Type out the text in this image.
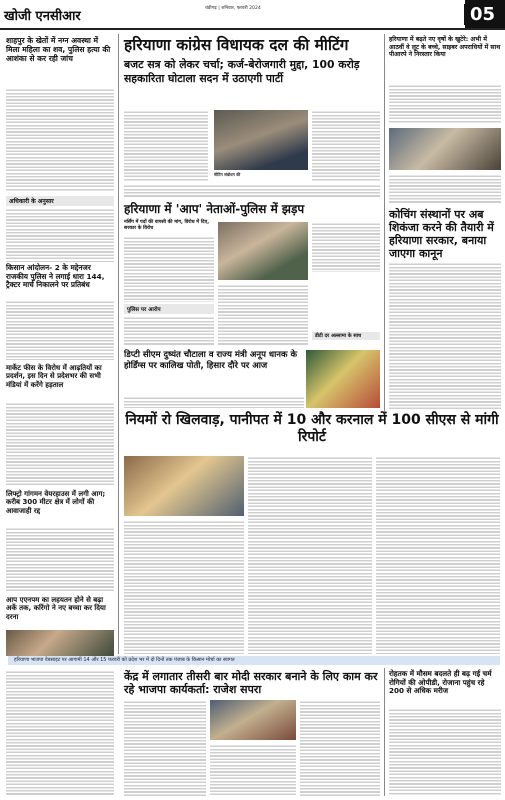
खोजी एनसीआर
चंडीगढ़ | शनिवार, फरवरी 2024	05
शाहपुर के खेतों में नग्न अवस्था में मिला महिला का शव, पुलिस हत्या की आशंका से कर रही जांच
अधिकारी के अनुसार
किसान आंदोलन- 2 के मद्देनजर राजकीय पुलिस ने लगाई धारा 144, ट्रैक्टर मार्च निकालने पर प्रतिबंध
मार्केट फीस के विरोध में आढ़तियों का प्रदर्शन, इस दिन से प्रदेशभर की सभी मंडियां में करेंगे हड़ताल
लिफ्ट्रो गांगमन वेयरहाउस में लगी आग; करीब 300 मीटर क्षेत्र में लोगों की आवाजाही रद्द
आप एएनपम का लहयतन होने से बढ़ा अर्के तक, करिंगो ने नए बच्चा कर दिया दरना
हरियाणा कांग्रेस विधायक दल की मीटिंग
बजट सत्र को लेकर चर्चा; कर्ज-बेरोजगारी मुद्दा, 100 करोड़ सहकारिता घोटाला सदन में उठाएगी पार्टी
मीटिंग संबोधन की
हरियाणा में 'आप' नेताओं-पुलिस में झड़प
नर्सिंग में पदों की वापसी की मांग, विरोध में दिए, सरकार के विरोध
पुलिस पर आरोप
डीटी दर अल्लामा के साथ
डिप्टी सीएम दुष्यंत चौटाला व राज्य मंत्री अनूप धानक के होर्डिंग्स पर कालिख पोती, हिसार दौरे पर आज
हरियाणा में बढ़ते नए वृषों के खुटेरे: अभी में आठवीं वे लूट के बच्चे, साइबर अपराधियों में साथ पीआरपे ने निरस्तार किया
कोचिंग संस्थानों पर अब शिकंजा करने की तैयारी में हरियाणा सरकार, बनाया जाएगा कानून
नियमों रो खिलवाड़, पानीपत में 10 और करनाल में 100 सीएस से मांगी रिपोर्ट
हरियाणा भाजपा वेबसाइट पर आगामी 14 और 15 फरवरी को प्रदेश भर में दो दिनों तक पंजाब के किसान मोर्चा का स्वागत
केंद्र में लगातार तीसरी बार मोदी सरकार बनाने के लिए काम कर रहे भाजपा कार्यकर्ता: राजेश सपरा
रोहतक में मौसम बदलते ही बढ़ गई चर्म रोगियों की ओपीडी, रोजाना पहुंच रहे 200 से अधिक मरीज
